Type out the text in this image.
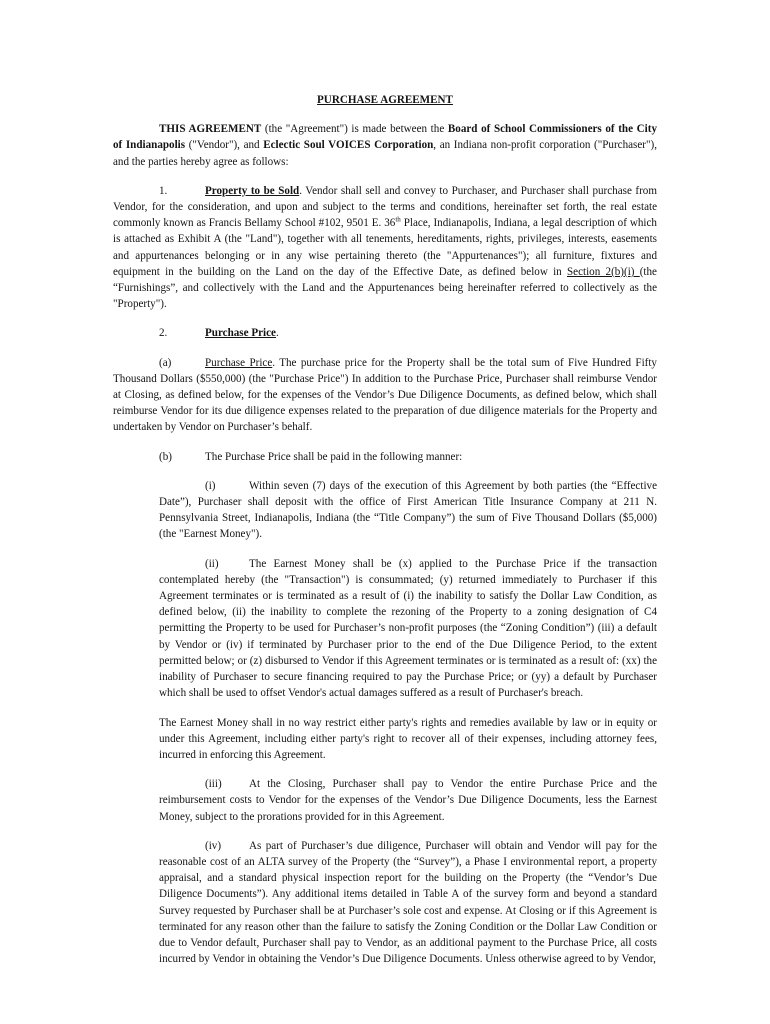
PURCHASE AGREEMENT

THIS AGREEMENT (the "Agreement") is made between the Board of School Commissioners of the City of Indianapolis ("Vendor"), and Eclectic Soul VOICES Corporation, an Indiana non-profit corporation ("Purchaser"), and the parties hereby agree as follows:

1.	Property to be Sold. Vendor shall sell and convey to Purchaser, and Purchaser shall purchase from Vendor, for the consideration, and upon and subject to the terms and conditions, hereinafter set forth, the real estate commonly known as Francis Bellamy School #102, 9501 E. 36th Place, Indianapolis, Indiana, a legal description of which is attached as Exhibit A (the "Land"), together with all tenements, hereditaments, rights, privileges, interests, easements and appurtenances belonging or in any wise pertaining thereto (the "Appurtenances"); all furniture, fixtures and equipment in the building on the Land on the day of the Effective Date, as defined below in Section 2(b)(i) (the “Furnishings”, and collectively with the Land and the Appurtenances being hereinafter referred to collectively as the "Property").

2.	Purchase Price.

(a)	Purchase Price. The purchase price for the Property shall be the total sum of Five Hundred Fifty Thousand Dollars ($550,000) (the "Purchase Price") In addition to the Purchase Price, Purchaser shall reimburse Vendor at Closing, as defined below, for the expenses of the Vendor’s Due Diligence Documents, as defined below, which shall reimburse Vendor for its due diligence expenses related to the preparation of due diligence materials for the Property and undertaken by Vendor on Purchaser’s behalf.

(b)	The Purchase Price shall be paid in the following manner:

(i)	Within seven (7) days of the execution of this Agreement by both parties (the “Effective Date”), Purchaser shall deposit with the office of First American Title Insurance Company at 211 N. Pennsylvania Street, Indianapolis, Indiana (the “Title Company”) the sum of Five Thousand Dollars ($5,000) (the "Earnest Money").

(ii)	The Earnest Money shall be (x) applied to the Purchase Price if the transaction contemplated hereby (the "Transaction") is consummated; (y) returned immediately to Purchaser if this Agreement terminates or is terminated as a result of (i) the inability to satisfy the Dollar Law Condition, as defined below, (ii) the inability to complete the rezoning of the Property to a zoning designation of C4 permitting the Property to be used for Purchaser’s non-profit purposes (the “Zoning Condition”) (iii) a default by Vendor or (iv) if terminated by Purchaser prior to the end of the Due Diligence Period, to the extent permitted below; or (z) disbursed to Vendor if this Agreement terminates or is terminated as a result of: (xx) the inability of Purchaser to secure financing required to pay the Purchase Price; or (yy) a default by Purchaser which shall be used to offset Vendor's actual damages suffered as a result of Purchaser's breach.

The Earnest Money shall in no way restrict either party's rights and remedies available by law or in equity or under this Agreement, including either party's right to recover all of their expenses, including attorney fees, incurred in enforcing this Agreement.

(iii) At the Closing, Purchaser shall pay to Vendor the entire Purchase Price and the reimbursement costs to Vendor for the expenses of the Vendor’s Due Diligence Documents, less the Earnest Money, subject to the prorations provided for in this Agreement.

(iv)	As part of Purchaser’s due diligence, Purchaser will obtain and Vendor will pay for the reasonable cost of an ALTA survey of the Property (the “Survey”), a Phase I environmental report, a property appraisal, and a standard physical inspection report for the building on the Property (the “Vendor’s Due Diligence Documents”). Any additional items detailed in Table A of the survey form and beyond a standard Survey requested by Purchaser shall be at Purchaser’s sole cost and expense. At Closing or if this Agreement is terminated for any reason other than the failure to satisfy the Zoning Condition or the Dollar Law Condition or due to Vendor default, Purchaser shall pay to Vendor, as an additional payment to the Purchase Price, all costs incurred by Vendor in obtaining the Vendor’s Due Diligence Documents. Unless otherwise agreed to by Vendor,
